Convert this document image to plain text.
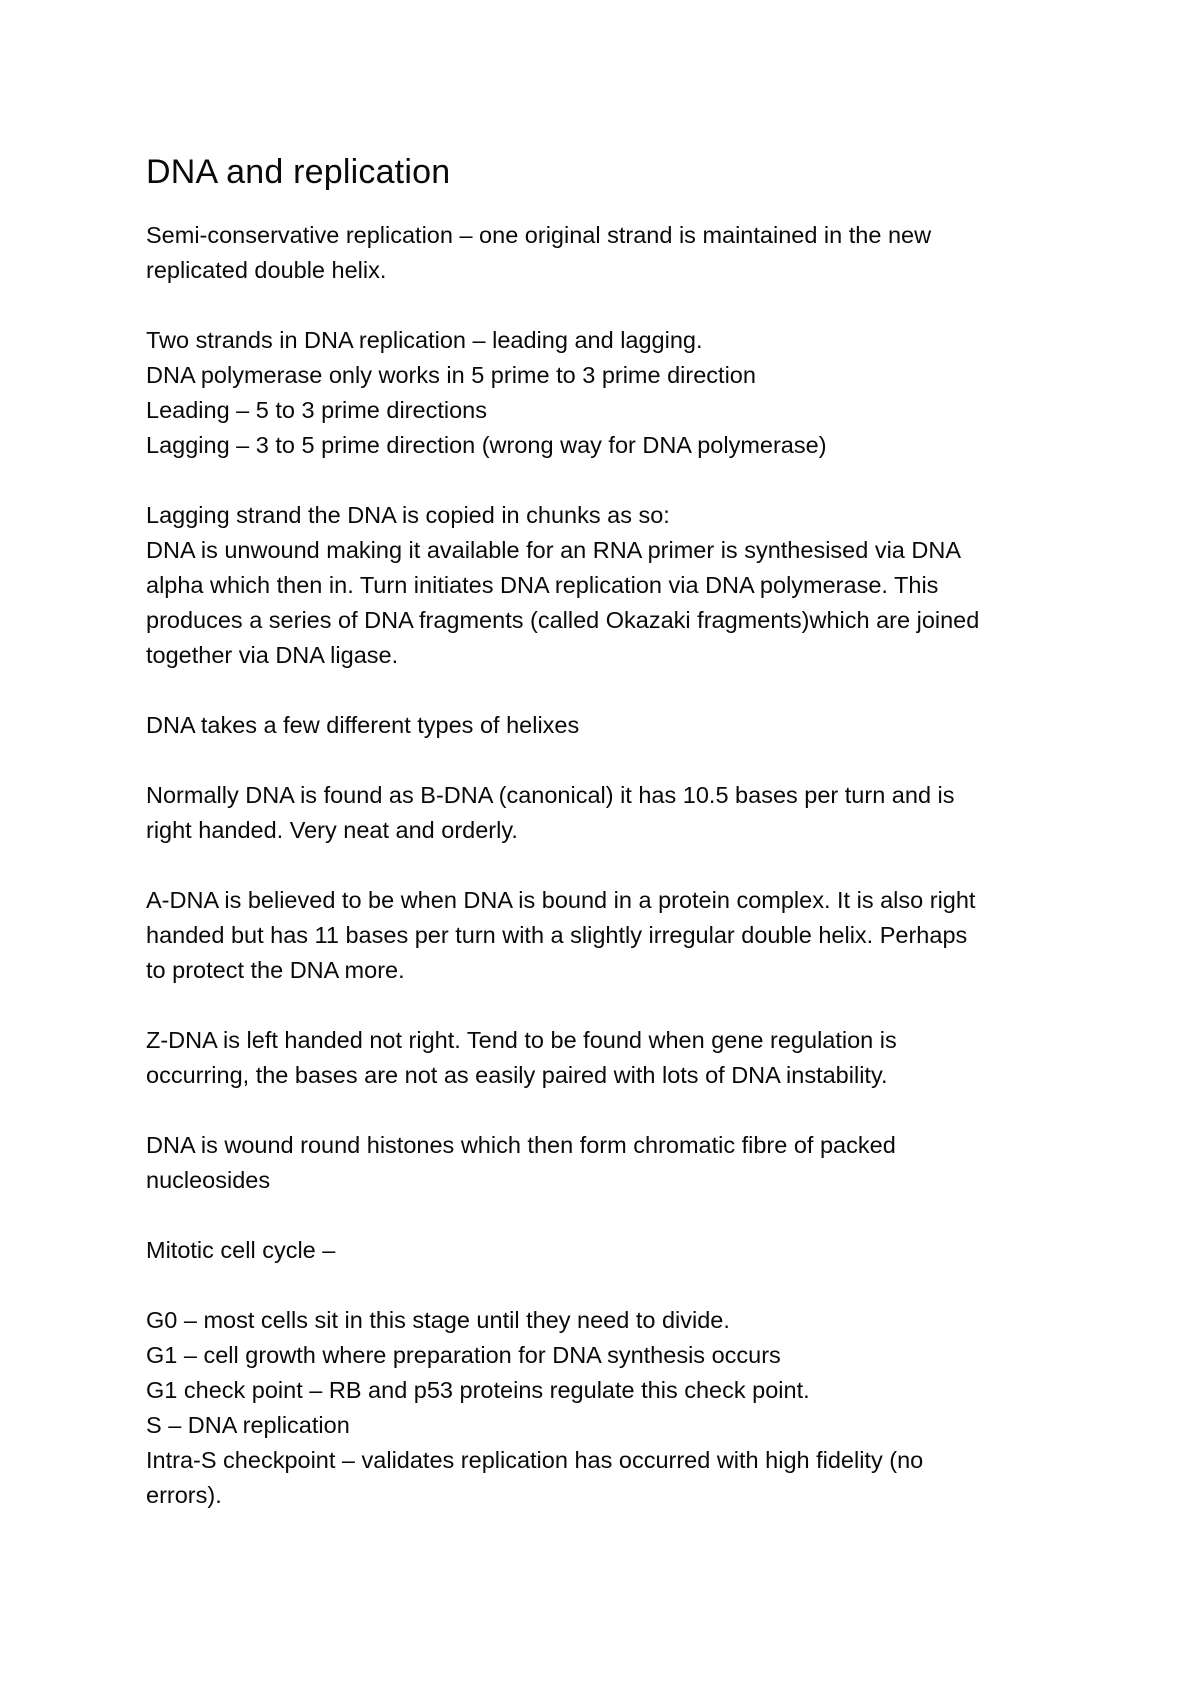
DNA and replication
Semi-conservative replication – one original strand is maintained in the new
replicated double helix.
Two strands in DNA replication – leading and lagging.
DNA polymerase only works in 5 prime to 3 prime direction
Leading – 5 to 3 prime directions
Lagging – 3 to 5 prime direction (wrong way for DNA polymerase)
Lagging strand the DNA is copied in chunks as so:
DNA is unwound making it available for an RNA primer is synthesised via DNA
alpha which then in. Turn initiates DNA replication via DNA polymerase. This
produces a series of DNA fragments (called Okazaki fragments)which are joined
together via DNA ligase.
DNA takes a few different types of helixes
Normally DNA is found as B-DNA (canonical) it has 10.5 bases per turn and is
right handed. Very neat and orderly.
A-DNA is believed to be when DNA is bound in a protein complex. It is also right
handed but has 11 bases per turn with a slightly irregular double helix. Perhaps
to protect the DNA more.
Z-DNA is left handed not right. Tend to be found when gene regulation is
occurring, the bases are not as easily paired with lots of DNA instability.
DNA is wound round histones which then form chromatic fibre of packed
nucleosides
Mitotic cell cycle –
G0 – most cells sit in this stage until they need to divide.
G1 – cell growth where preparation for DNA synthesis occurs
G1 check point – RB and p53 proteins regulate this check point.
S – DNA replication
Intra-S checkpoint – validates replication has occurred with high fidelity (no
errors).
